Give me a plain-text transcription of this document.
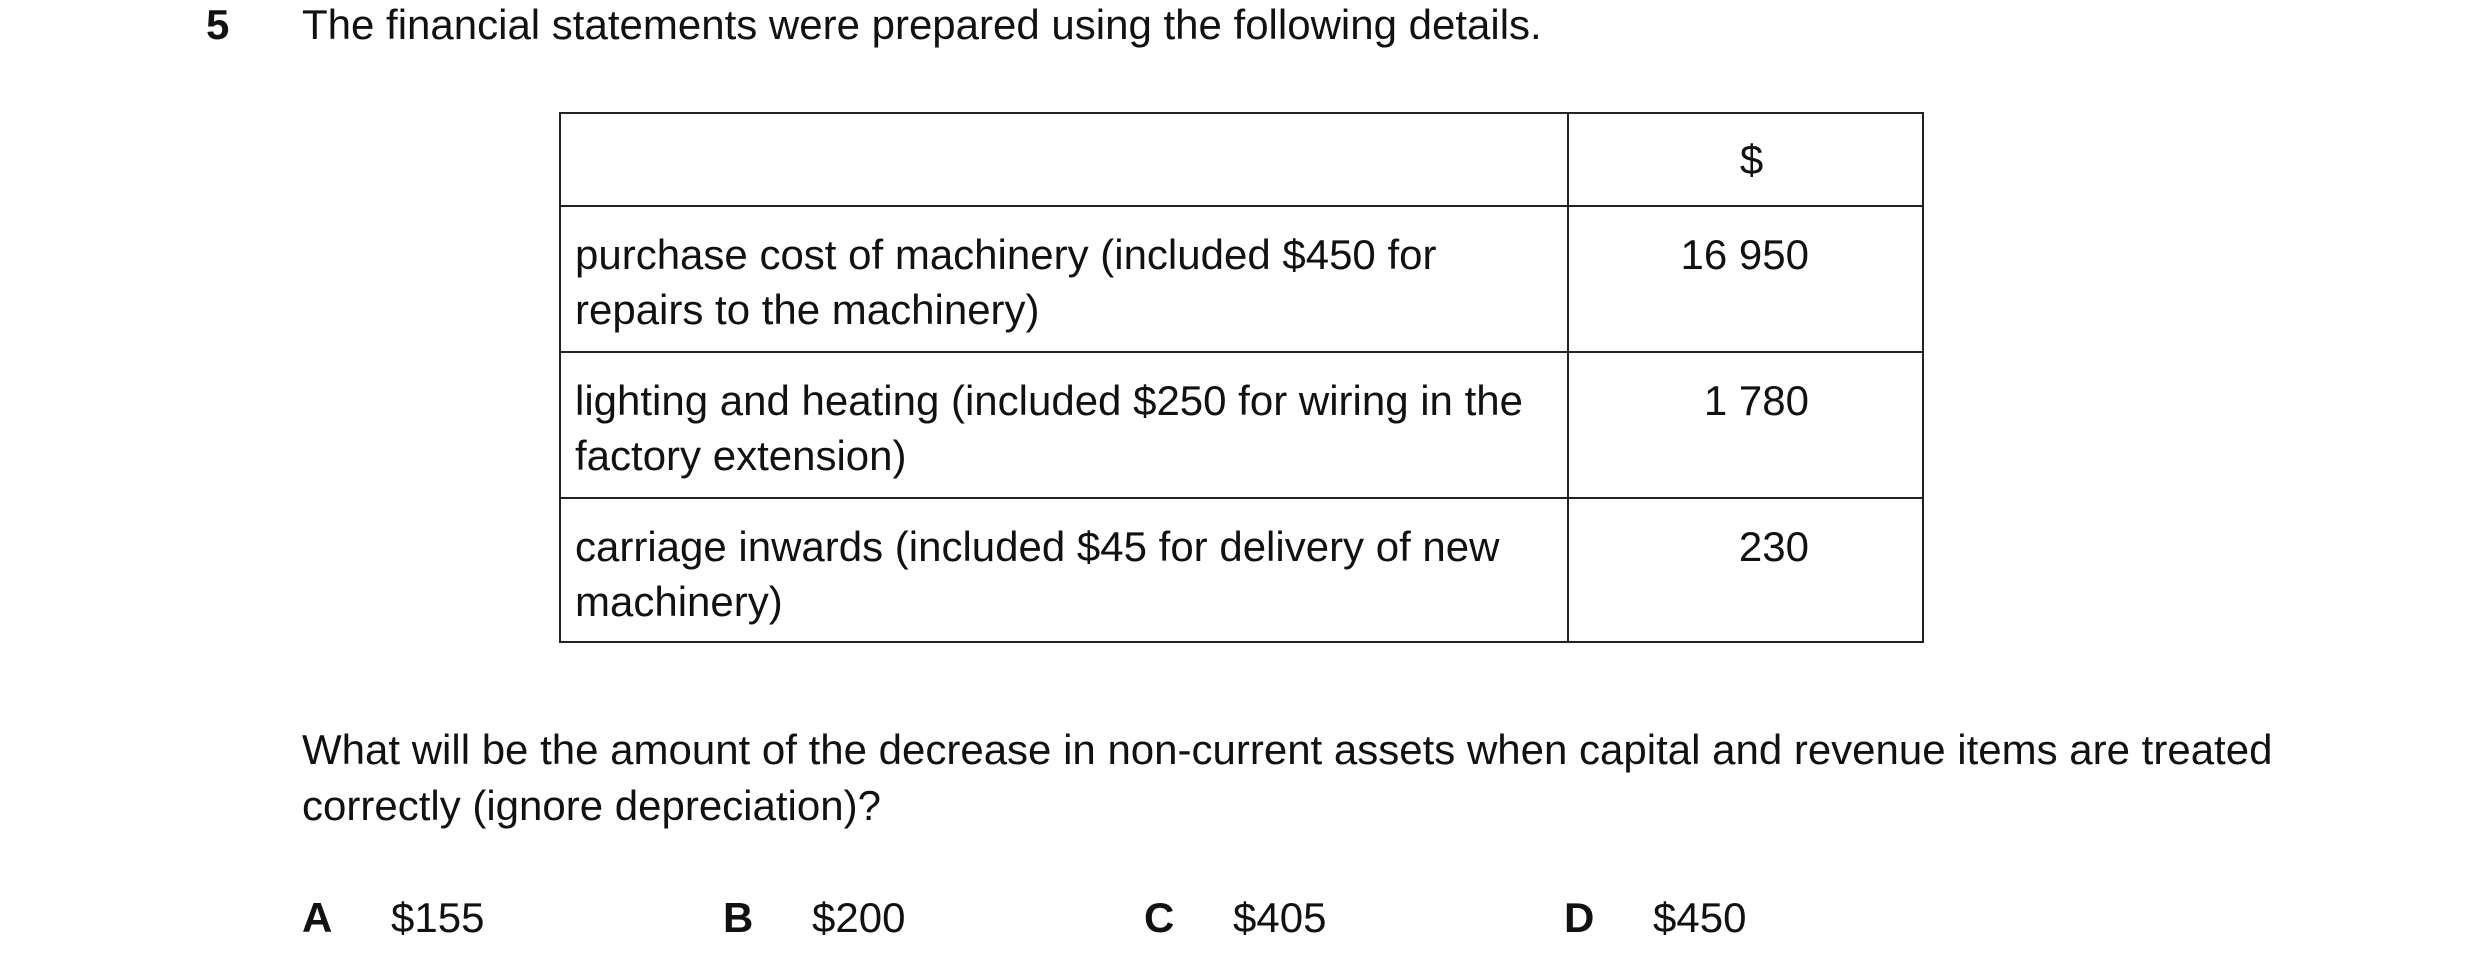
5 The financial statements were prepared using the following details.
	$
purchase cost of machinery (included $450 for repairs to the machinery)	16 950
lighting and heating (included $250 for wiring in the factory extension)	1 780
carriage inwards (included $45 for delivery of new machinery)	230
What will be the amount of the decrease in non-current assets when capital and revenue items are treated correctly (ignore depreciation)?
A $155	B $200	C $405	D $450
